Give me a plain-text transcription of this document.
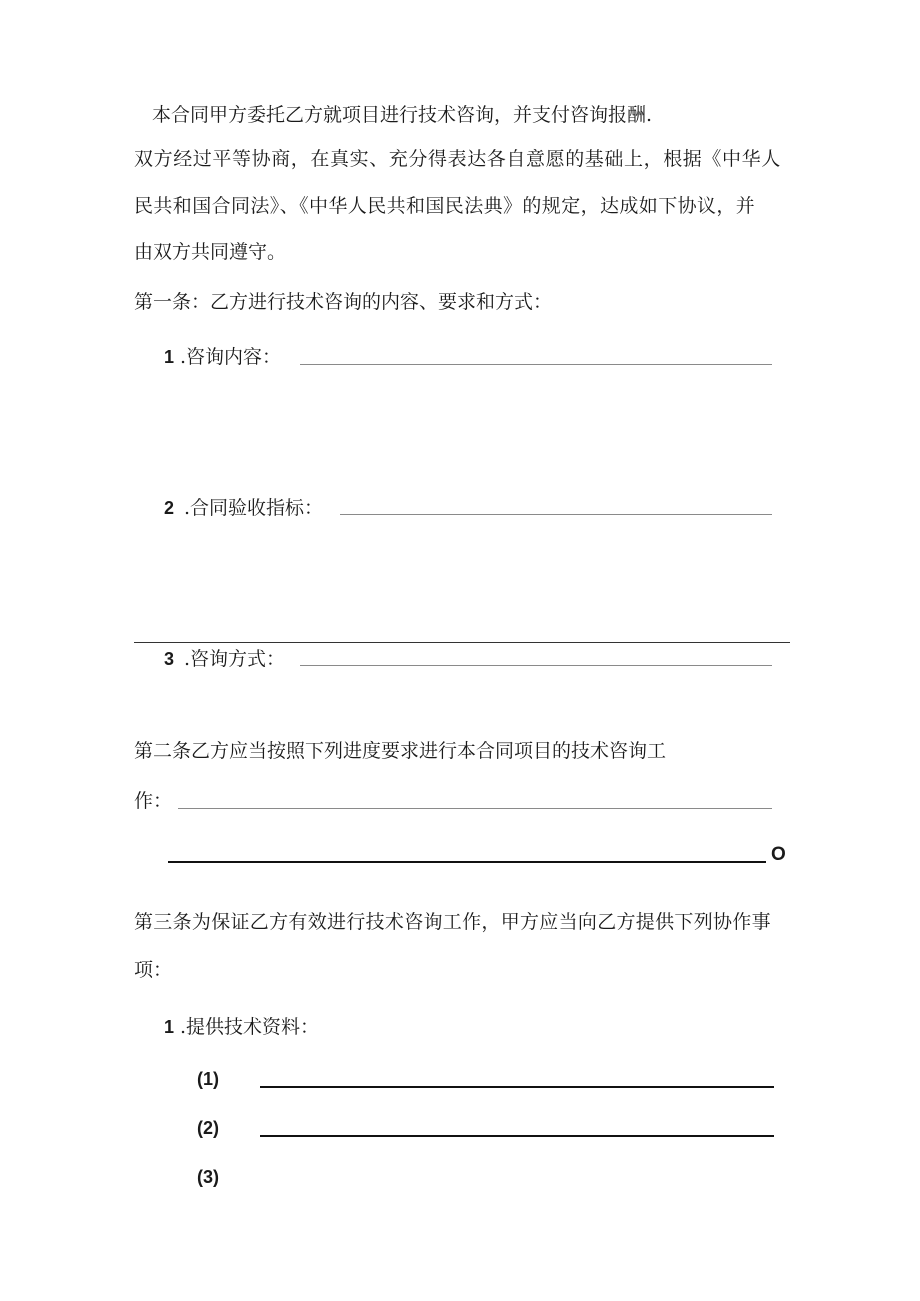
本合同甲方委托乙方就项目进行技术咨询，并支付咨询报酬.
双方经过平等协商，在真实、充分得表达各自意愿的基础上，根据《中华人
民共和国合同法》、《中华人民共和国民法典》的规定，达成如下协议，并
由双方共同遵守。
第一条：乙方进行技术咨询的内容、要求和方式：
1 .咨询内容：
2 .合同验收指标：
3 .咨询方式：
第二条乙方应当按照下列进度要求进行本合同项目的技术咨询工
作：
O
第三条为保证乙方有效进行技术咨询工作，甲方应当向乙方提供下列协作事
项：
1 .提供技术资料：
(1)
(2)
(3)
